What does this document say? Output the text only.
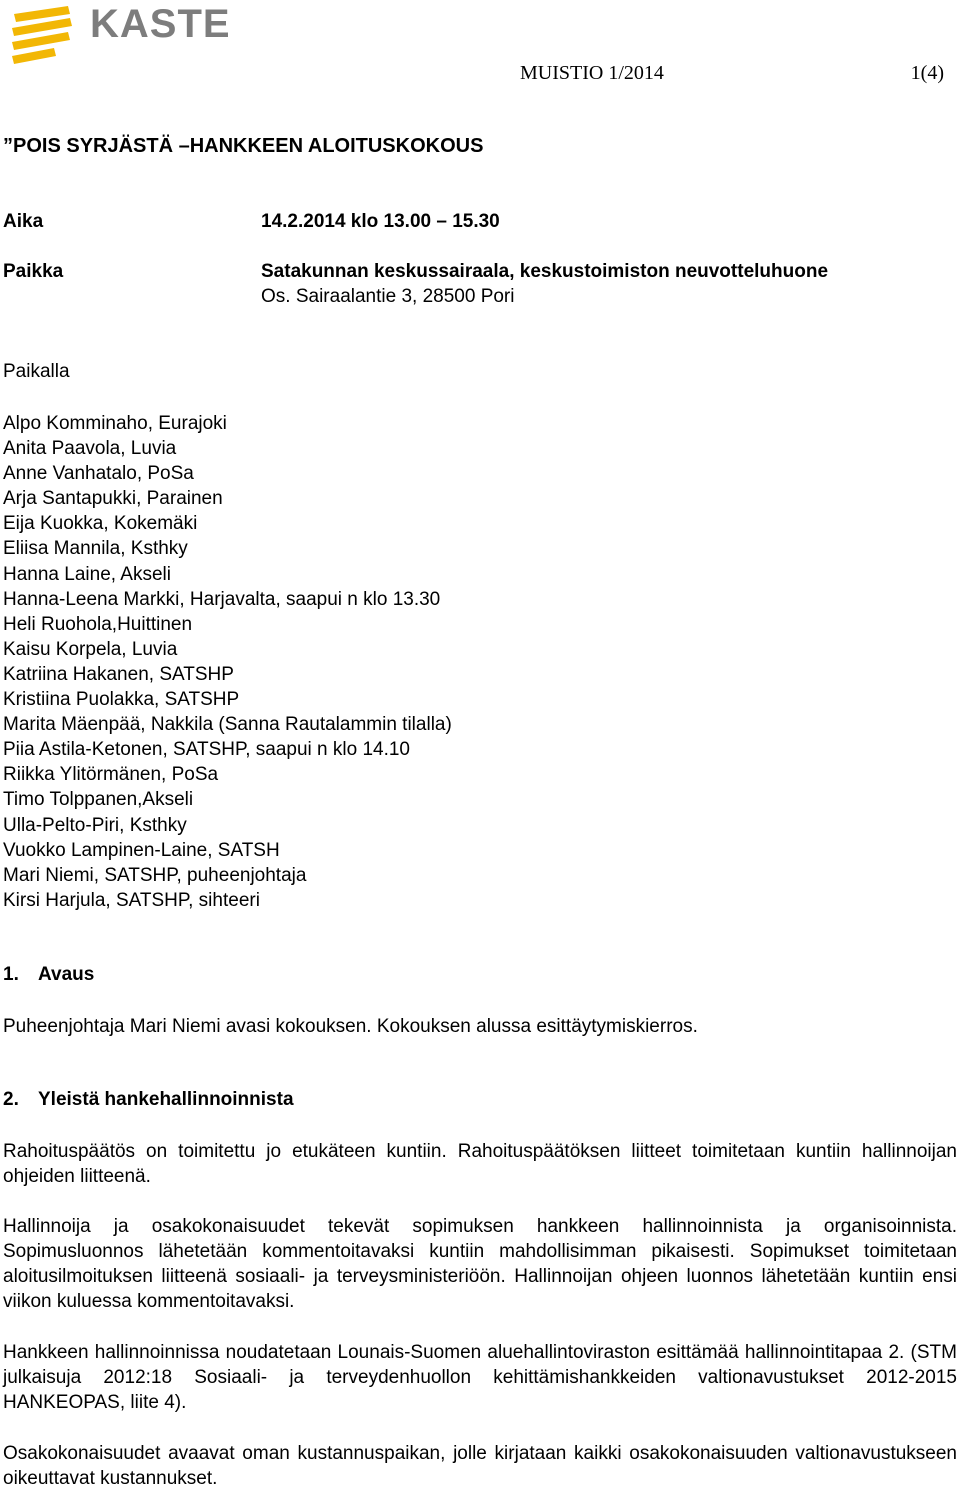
KASTE
MUISTIO 1/2014	1(4)
”POIS SYRJÄSTÄ –HANKKEEN ALOITUSKOKOUS
Aika	14.2.2014 klo 13.00 – 15.30
Paikka	Satakunnan keskussairaala, keskustoimiston neuvotteluhuone
Os. Sairaalantie 3, 28500 Pori
Paikalla
Alpo Komminaho, Eurajoki
Anita Paavola, Luvia
Anne Vanhatalo, PoSa
Arja Santapukki, Parainen
Eija Kuokka, Kokemäki
Eliisa Mannila, Ksthky
Hanna Laine, Akseli
Hanna-Leena Markki, Harjavalta, saapui n klo 13.30
Heli Ruohola,Huittinen
Kaisu Korpela, Luvia
Katriina Hakanen, SATSHP
Kristiina Puolakka, SATSHP
Marita Mäenpää, Nakkila (Sanna Rautalammin tilalla)
Piia Astila-Ketonen, SATSHP, saapui n klo 14.10
Riikka Ylitörmänen, PoSa
Timo Tolppanen,Akseli
Ulla-Pelto-Piri, Ksthky
Vuokko Lampinen-Laine, SATSH
Mari Niemi, SATSHP, puheenjohtaja
Kirsi Harjula, SATSHP, sihteeri
1. Avaus
Puheenjohtaja Mari Niemi avasi kokouksen. Kokouksen alussa esittäytymiskierros.
2. Yleistä hankehallinnoinnista
Rahoituspäätös on toimitettu jo etukäteen kuntiin. Rahoituspäätöksen liitteet toimitetaan kuntiin hallinnoijan ohjeiden liitteenä.
Hallinnoija ja osakokonaisuudet tekevät sopimuksen hankkeen hallinnoinnista ja organisoinnista. Sopimusluonnos lähetetään kommentoitavaksi kuntiin mahdollisimman pikaisesti. Sopimukset toimitetaan aloitusilmoituksen liitteenä sosiaali- ja terveysministeriöön. Hallinnoijan ohjeen luonnos lähetetään kuntiin ensi viikon kuluessa kommentoitavaksi.
Hankkeen hallinnoinnissa noudatetaan Lounais-Suomen aluehallintoviraston esittämää hallinnointitapaa 2. (STM julkaisuja 2012:18 Sosiaali- ja terveydenhuollon kehittämishankkeiden valtionavustukset 2012-2015 HANKEOPAS, liite 4).
Osakokonaisuudet avaavat oman kustannuspaikan, jolle kirjataan kaikki osakokonaisuuden valtionavustukseen oikeuttavat kustannukset.
